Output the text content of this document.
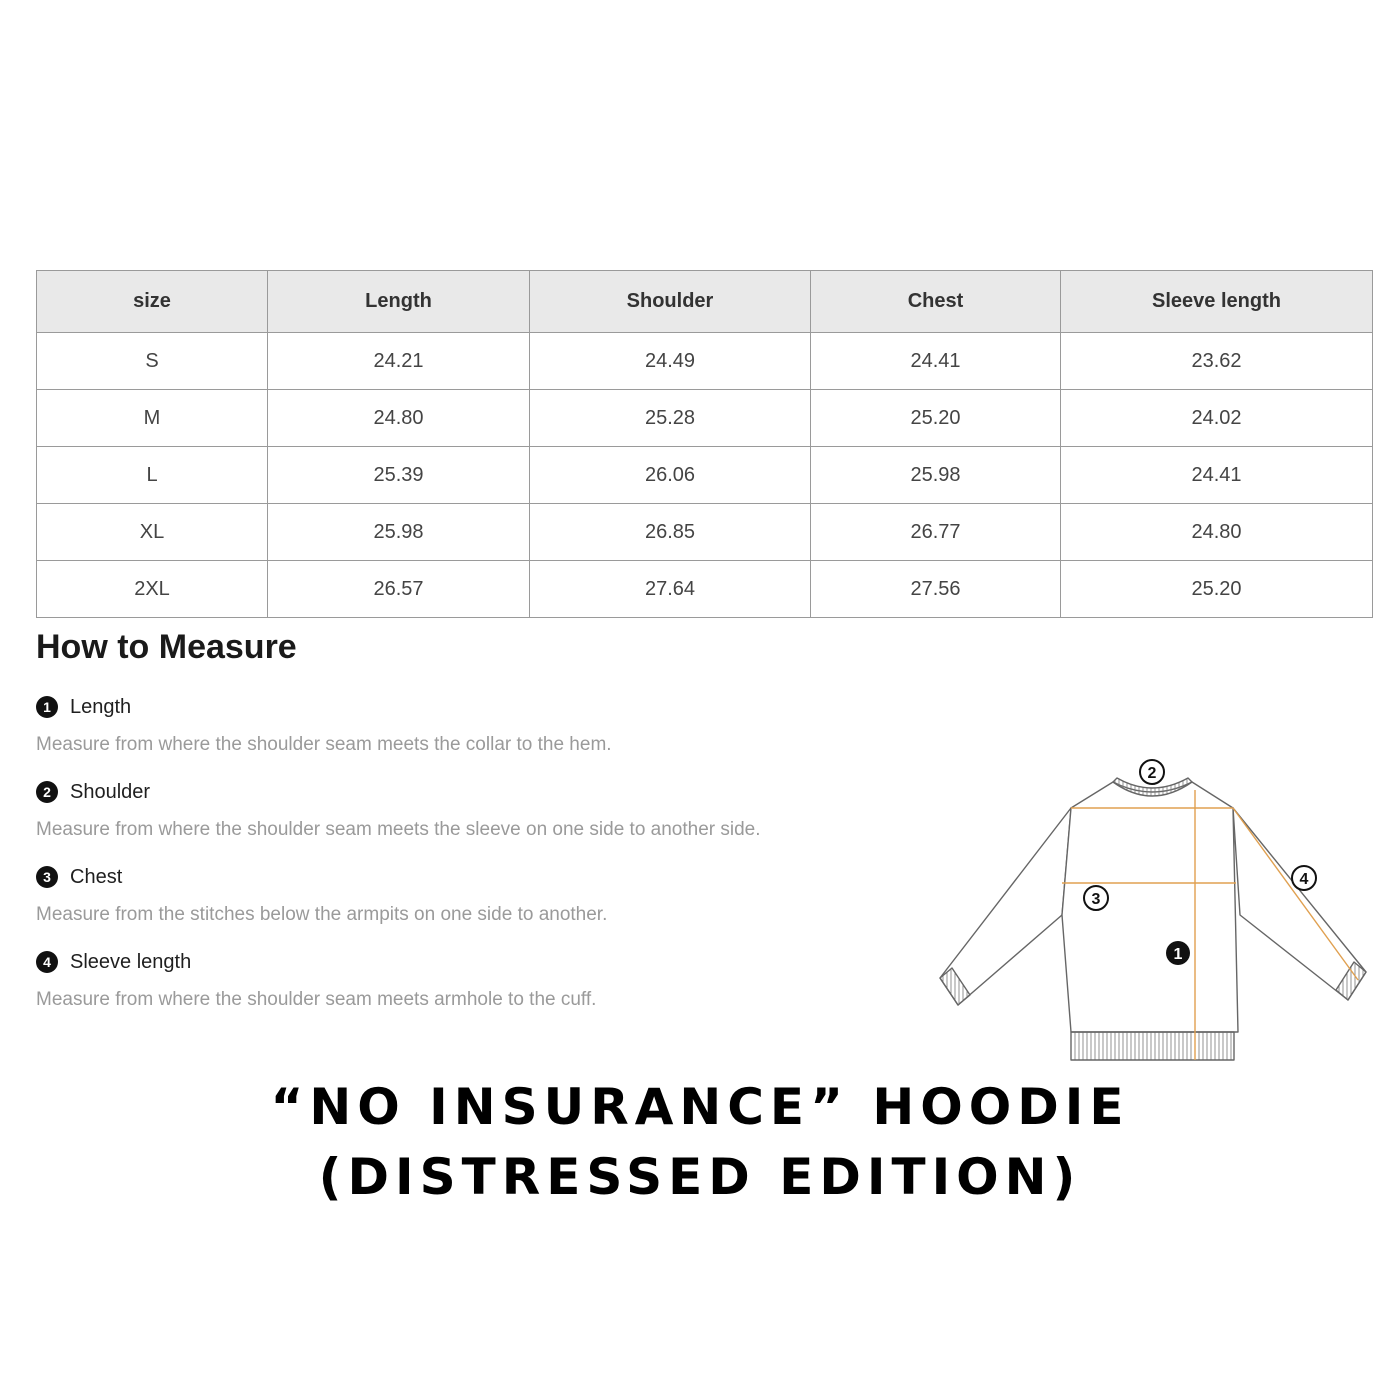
size	Length	Shoulder	Chest	Sleeve length
S	24.21	24.49	24.41	23.62
M	24.80	25.28	25.20	24.02
L	25.39	26.06	25.98	24.41
XL	25.98	26.85	26.77	24.80
2XL	26.57	27.64	27.56	25.20
How to Measure
1 Length
Measure from where the shoulder seam meets the collar to the hem.
2 Shoulder
Measure from where the shoulder seam meets the sleeve on one side to another side.
3 Chest
Measure from the stitches below the armpits on one side to another.
4 Sleeve length
Measure from where the shoulder seam meets armhole to the cuff.
1
2
3
4
“NO INSURANCE” HOODIE (DISTRESSED EDITION)
